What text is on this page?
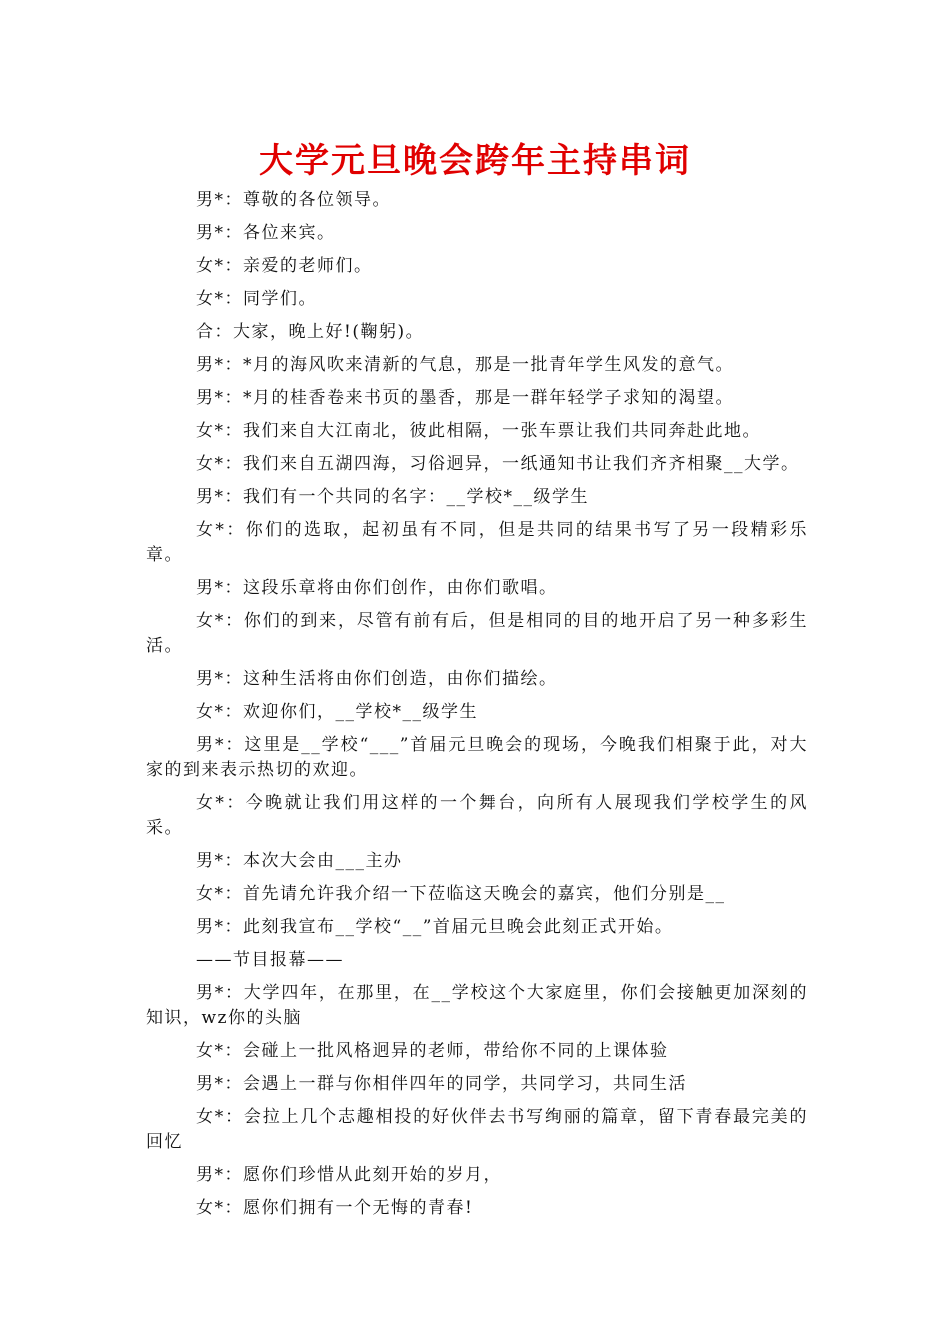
大学元旦晚会跨年主持串词

男*：尊敬的各位领导。

男*：各位来宾。

女*：亲爱的老师们。

女*：同学们。

合：大家，晚上好!(鞠躬)。

男*：*月的海风吹来清新的气息，那是一批青年学生风发的意气。

男*：*月的桂香卷来书页的墨香，那是一群年轻学子求知的渴望。

女*：我们来自大江南北，彼此相隔，一张车票让我们共同奔赴此地。

女*：我们来自五湖四海，习俗迥异，一纸通知书让我们齐齐相聚__大学。

男*：我们有一个共同的名字：__学校*__级学生

女*：你们的选取，起初虽有不同，但是共同的结果书写了另一段精彩乐章。

男*：这段乐章将由你们创作，由你们歌唱。

女*：你们的到来，尽管有前有后，但是相同的目的地开启了另一种多彩生活。

男*：这种生活将由你们创造，由你们描绘。

女*：欢迎你们，__学校*__级学生

男*：这里是__学校“___”首届元旦晚会的现场，今晚我们相聚于此，对大家的到来表示热切的欢迎。

女*：今晚就让我们用这样的一个舞台，向所有人展现我们学校学生的风采。

男*：本次大会由___主办

女*：首先请允许我介绍一下莅临这天晚会的嘉宾，他们分别是__

男*：此刻我宣布__学校“__”首届元旦晚会此刻正式开始。

——节目报幕——

男*：大学四年，在那里，在__学校这个大家庭里，你们会接触更加深刻的知识，wz你的头脑

女*：会碰上一批风格迥异的老师，带给你不同的上课体验

男*：会遇上一群与你相伴四年的同学，共同学习，共同生活

女*：会拉上几个志趣相投的好伙伴去书写绚丽的篇章，留下青春最完美的回忆

男*：愿你们珍惜从此刻开始的岁月，

女*：愿你们拥有一个无悔的青春!
